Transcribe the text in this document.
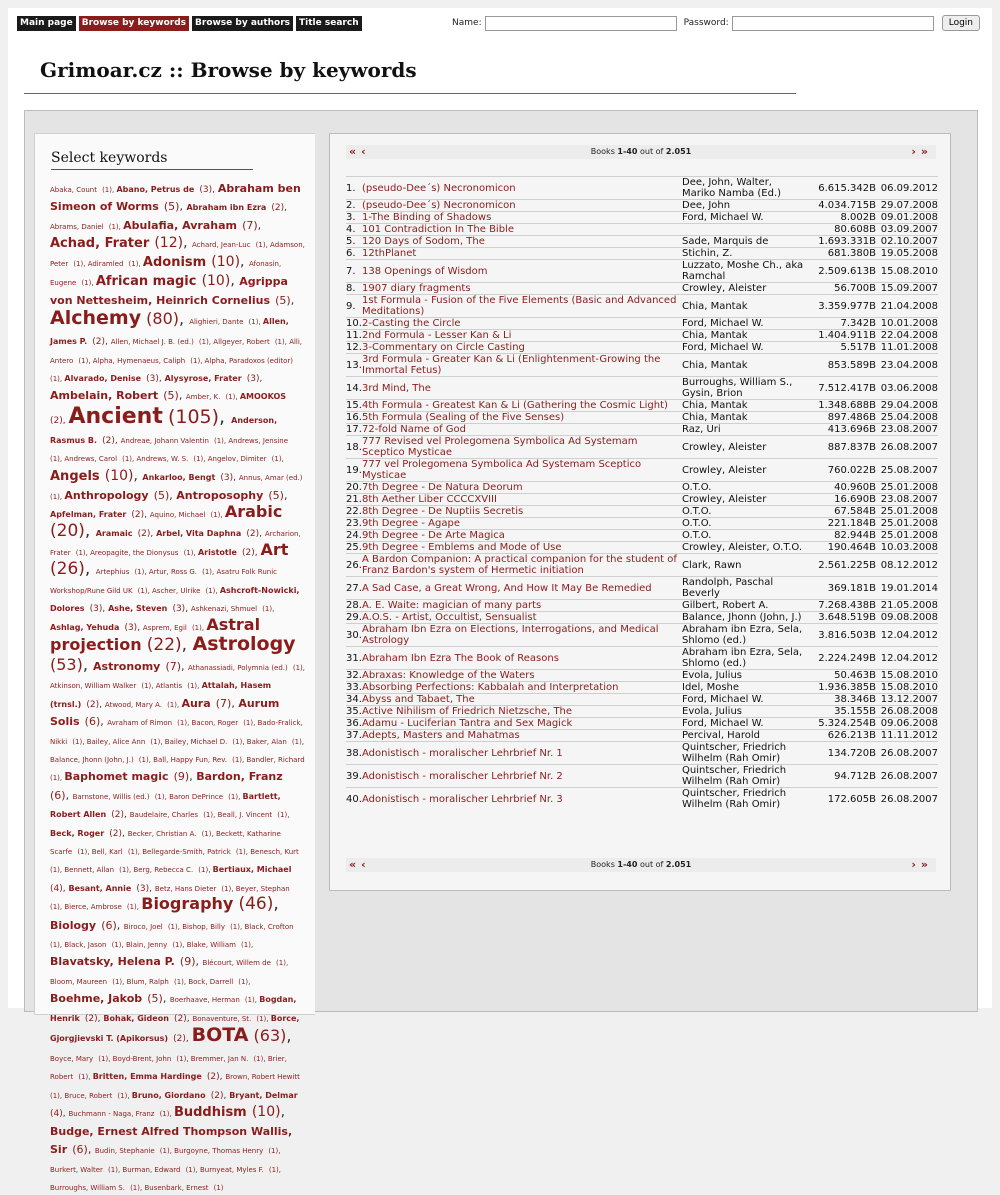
Main page	Browse by keywords	Browse by authors	Title search	Name:	Password:	Login
Grimoar.cz :: Browse by keywords
Select keywords
Abaka, Count (1), Abano, Petrus de (3), Abraham ben Simeon of Worms (5), Abraham ibn Ezra (2), Abrams, Daniel (1), Abulafia, Avraham (7), Achad, Frater (12), Achard, Jean-Luc (1), Adamson, Peter (1), Adiramled (1), Adonism (10), Afonasin, Eugene (1), African magic (10), Agrippa von Nettesheim, Heinrich Cornelius (5), Alchemy (80), Alighieri, Dante (1), Allen, James P. (2), Allen, Michael J. B. (ed.) (1), Allgeyer, Robert (1), Alli, Antero (1), Alpha, Hymenaeus, Caliph (1), Alpha, Paradoxos (editor) (1), Alvarado, Denise (3), Alysyrose, Frater (3), Ambelain, Robert (5), Amber, K. (1), AMOOKOS (2), Ancient (105), Anderson, Rasmus B. (2), Andreae, Johann Valentin (1), Andrews, Jensine (1), Andrews, Carol (1), Andrews, W. S. (1), Angelov, Dimiter (1), Angels (10), Ankarloo, Bengt (3), Annus, Amar (ed.) (1), Anthropology (5), Antroposophy (5), Apfelman, Frater (2), Aquino, Michael (1), Arabic (20), Aramaic (2), Arbel, Vita Daphna (2), Archarion, Frater (1), Areopagite, the Dionysus (1), Aristotle (2), Art (26), Artephius (1), Artur, Ross G. (1), Asatru Folk Runic Workshop/Rune Gild UK (1), Ascher, Ulrike (1), Ashcroft-Nowicki, Dolores (3), Ashe, Steven (3), Ashkenazi, Shmuel (1), Ashlag, Yehuda (3), Asprem, Egil (1), Astral projection (22), Astrology (53), Astronomy (7), Athanassiadi, Polymnia (ed.) (1), Atkinson, William Walker (1), Atlantis (1), Attalah, Hasem (trnsl.) (2), Atwood, Mary A. (1), Aura (7), Aurum Solis (6), Avraham of Rimon (1), Bacon, Roger (1), Bado-Fralick, Nikki (1), Bailey, Alice Ann (1), Bailey, Michael D. (1), Baker, Alan (1), Balance, Jhonn (John, J.) (1), Ball, Happy Fun, Rev. (1), Bandler, Richard (1), Baphomet magic (9), Bardon, Franz (6), Barnstone, Willis (ed.) (1), Baron DePrince (1), Bartlett, Robert Allen (2), Baudelaire, Charles (1), Beall, J. Vincent (1), Beck, Roger (2), Becker, Christian A. (1), Beckett, Katharine Scarfe (1), Bell, Karl (1), Bellegarde-Smith, Patrick (1), Benesch, Kurt (1), Bennett, Allan (1), Berg, Rebecca C. (1), Bertiaux, Michael (4), Besant, Annie (3), Betz, Hans Dieter (1), Beyer, Stephan (1), Bierce, Ambrose (1), Biography (46), Biology (6), Biroco, Joel (1), Bishop, Billy (1), Black, Crofton (1), Black, Jason (1), Blain, Jenny (1), Blake, William (1), Blavatsky, Helena P. (9), Blécourt, Willem de (1), Bloom, Maureen (1), Blum, Ralph (1), Bock, Darrell (1), Boehme, Jakob (5), Boerhaave, Herman (1), Bogdan, Henrik (2), Bohak, Gideon (2), Bonaventure, St. (1), Borce, Gjorgjievski T. (Apikorsus) (2), BOTA (63), Boyce, Mary (1), Boyd-Brent, John (1), Bremmer, Jan N. (1), Brier, Robert (1), Britten, Emma Hardinge (2), Brown, Robert Hewitt (1), Bruce, Robert (1), Bruno, Giordano (2), Bryant, Delmar (4), Buchmann - Naga, Franz (1), Buddhism (10), Budge, Ernest Alfred Thompson Wallis, Sir (6), Budin, Stephanie (1), Burgoyne, Thomas Henry (1), Burkert, Walter (1), Burman, Edward (1), Burnyeat, Myles F. (1), Burroughs, William S. (1), Busenbark, Ernest (1)
«‹	Books 1-40 out of 2.051	›»
1.	(pseudo-Dee´s) Necronomicon	Dee, John, Walter, Mariko Namba (Ed.)	6.615.342B	06.09.2012
2.	(pseudo-Dee´s) Necronomicon	Dee, John	4.034.715B	29.07.2008
3.	1-The Binding of Shadows	Ford, Michael W.	8.002B	09.01.2008
4.	101 Contradiction In The Bible		80.608B	03.09.2007
5.	120 Days of Sodom, The	Sade, Marquis de	1.693.331B	02.10.2007
6.	12thPlanet	Stichin, Z.	681.380B	19.05.2008
7.	138 Openings of Wisdom	Luzzato, Moshe Ch., aka Ramchal	2.509.613B	15.08.2010
8.	1907 diary fragments	Crowley, Aleister	56.700B	15.09.2007
9.	1st Formula - Fusion of the Five Elements (Basic and Advanced Meditations)	Chia, Mantak	3.359.977B	21.04.2008
10.	2-Casting the Circle	Ford, Michael W.	7.342B	10.01.2008
11.	2nd Formula - Lesser Kan & Li	Chia, Mantak	1.404.911B	22.04.2008
12.	3-Commentary on Circle Casting	Ford, Michael W.	5.517B	11.01.2008
13.	3rd Formula - Greater Kan & Li (Enlightenment-Growing the Immortal Fetus)	Chia, Mantak	853.589B	23.04.2008
14.	3rd Mind, The	Burroughs, William S., Gysin, Brion	7.512.417B	03.06.2008
15.	4th Formula - Greatest Kan & Li (Gathering the Cosmic Light)	Chia, Mantak	1.348.688B	29.04.2008
16.	5th Formula (Sealing of the Five Senses)	Chia, Mantak	897.486B	25.04.2008
17.	72-fold Name of God	Raz, Uri	413.696B	23.08.2007
18.	777 Revised vel Prolegomena Symbolica Ad Systemam Sceptico Mysticae	Crowley, Aleister	887.837B	26.08.2007
19.	777 vel Prolegomena Symbolica Ad Systemam Sceptico Mysticae	Crowley, Aleister	760.022B	25.08.2007
20.	7th Degree - De Natura Deorum	O.T.O.	40.960B	25.01.2008
21.	8th Aether Liber CCCCXVIII	Crowley, Aleister	16.690B	23.08.2007
22.	8th Degree - De Nuptiis Secretis	O.T.O.	67.584B	25.01.2008
23.	9th Degree - Agape	O.T.O.	221.184B	25.01.2008
24.	9th Degree - De Arte Magica	O.T.O.	82.944B	25.01.2008
25.	9th Degree - Emblems and Mode of Use	Crowley, Aleister, O.T.O.	190.464B	10.03.2008
26.	A Bardon Companion: A practical companion for the student of Franz Bardon's system of Hermetic initiation	Clark, Rawn	2.561.225B	08.12.2012
27.	A Sad Case, a Great Wrong, And How It May Be Remedied	Randolph, Paschal Beverly	369.181B	19.01.2014
28.	A. E. Waite: magician of many parts	Gilbert, Robert A.	7.268.438B	21.05.2008
29.	A.O.S. - Artist, Occultist, Sensualist	Balance, Jhonn (John, J.)	3.648.519B	09.08.2008
30.	Abraham Ibn Ezra on Elections, Interrogations, and Medical Astrology	Abraham ibn Ezra, Sela, Shlomo (ed.)	3.816.503B	12.04.2012
31.	Abraham Ibn Ezra The Book of Reasons	Abraham ibn Ezra, Sela, Shlomo (ed.)	2.224.249B	12.04.2012
32.	Abraxas: Knowledge of the Waters	Evola, Julius	50.463B	15.08.2010
33.	Absorbing Perfections: Kabbalah and Interpretation	Idel, Moshe	1.936.385B	15.08.2010
34.	Abyss and Tabaet, The	Ford, Michael W.	38.346B	13.12.2007
35.	Active Nihilism of Friedrich Nietzsche, The	Evola, Julius	35.155B	26.08.2008
36.	Adamu - Luciferian Tantra and Sex Magick	Ford, Michael W.	5.324.254B	09.06.2008
37.	Adepts, Masters and Mahatmas	Percival, Harold	626.213B	11.11.2012
38.	Adonistisch - moralischer Lehrbrief Nr. 1	Quintscher, Friedrich Wilhelm (Rah Omir)	134.720B	26.08.2007
39.	Adonistisch - moralischer Lehrbrief Nr. 2	Quintscher, Friedrich Wilhelm (Rah Omir)	94.712B	26.08.2007
40.	Adonistisch - moralischer Lehrbrief Nr. 3	Quintscher, Friedrich Wilhelm (Rah Omir)	172.605B	26.08.2007
«‹	Books 1-40 out of 2.051	›»
